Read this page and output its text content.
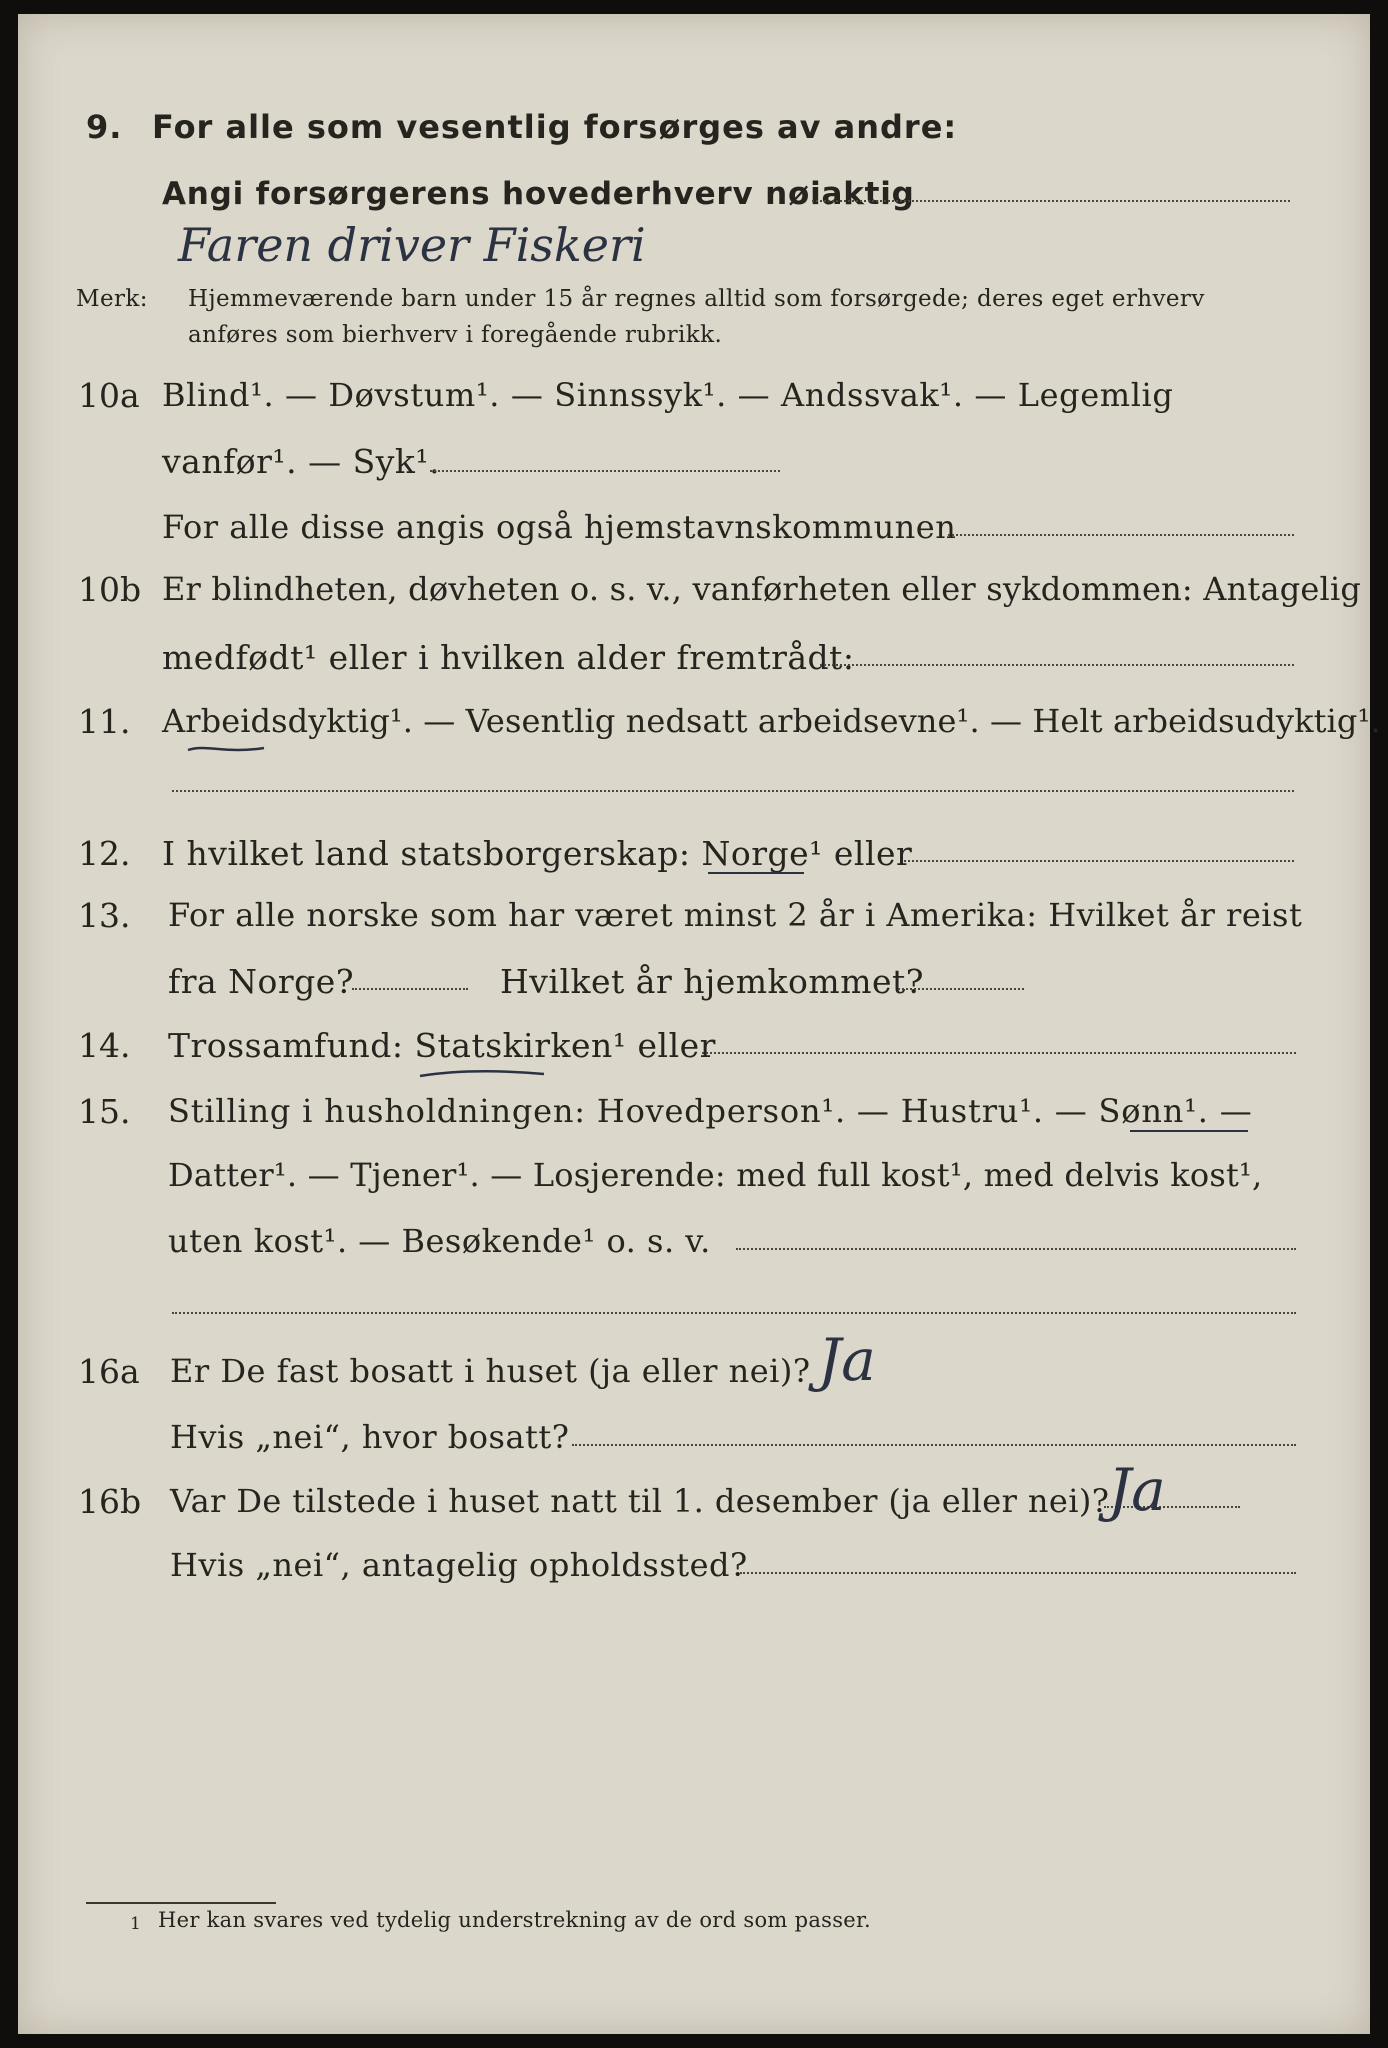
9. For alle som vesentlig forsørges av andre:
Angi forsørgerens hovederhverv nøiaktig
Faren driver Fiskeri
Merk: Hjemmeværende barn under 15 år regnes alltid som forsørgede; deres eget erhverv
anføres som bierhverv i foregående rubrikk.
10a Blind¹. — Døvstum¹. — Sinnssyk¹. — Andssvak¹. — Legemlig
vanfør¹. — Syk¹.
For alle disse angis også hjemstavnskommunen
10b Er blindheten, døvheten o. s. v., vanførheten eller sykdommen: Antagelig
medfødt¹ eller i hvilken alder fremtrådt:
11. Arbeidsdyktig¹. — Vesentlig nedsatt arbeidsevne¹. — Helt arbeidsudyktig¹.
12. I hvilket land statsborgerskap: Norge¹ eller
13. For alle norske som har været minst 2 år i Amerika: Hvilket år reist
fra Norge?	Hvilket år hjemkommet?
14. Trossamfund: Statskirken¹ eller
15. Stilling i husholdningen: Hovedperson¹. — Hustru¹. — Sønn¹. —
Datter¹. — Tjener¹. — Losjerende: med full kost¹, med delvis kost¹,
uten kost¹. — Besøkende¹ o. s. v.
16a Er De fast bosatt i huset (ja eller nei)? Ja
Hvis „nei“, hvor bosatt?
16b Var De tilstede i huset natt til 1. desember (ja eller nei)?
Ja
Hvis „nei“, antagelig opholdssted?
1 Her kan svares ved tydelig understrekning av de ord som passer.
